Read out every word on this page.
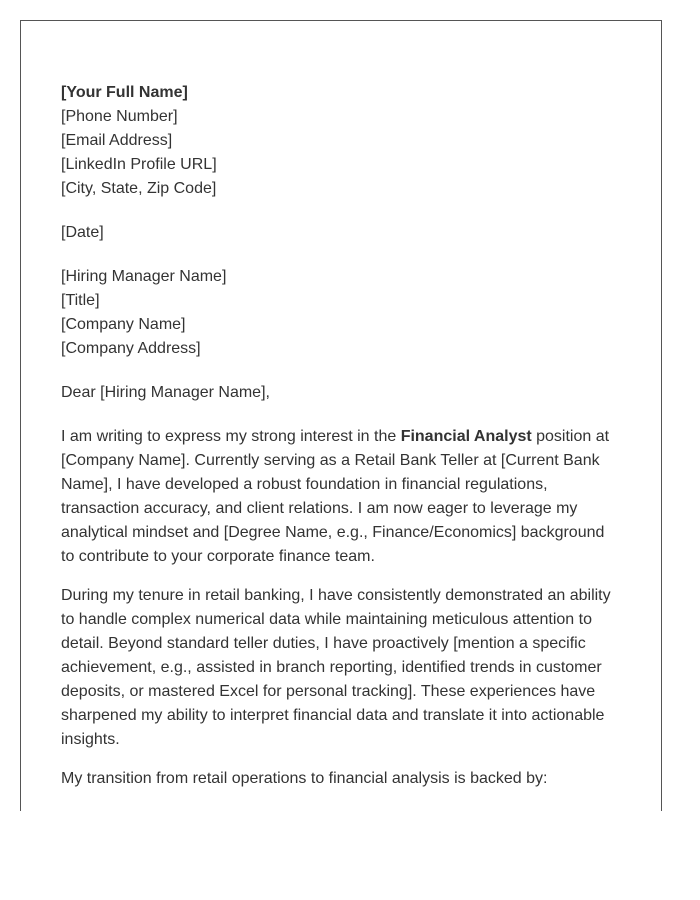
[Your Full Name]
[Phone Number]
[Email Address]
[LinkedIn Profile URL]
[City, State, Zip Code]
[Date]
[Hiring Manager Name]
[Title]
[Company Name]
[Company Address]
Dear [Hiring Manager Name],

I am writing to express my strong interest in the Financial Analyst position at [Company Name]. Currently serving as a Retail Bank Teller at [Current Bank Name], I have developed a robust foundation in financial regulations, transaction accuracy, and client relations. I am now eager to leverage my analytical mindset and [Degree Name, e.g., Finance/Economics] background to contribute to your corporate finance team.

During my tenure in retail banking, I have consistently demonstrated an ability to handle complex numerical data while maintaining meticulous attention to detail. Beyond standard teller duties, I have proactively [mention a specific achievement, e.g., assisted in branch reporting, identified trends in customer deposits, or mastered Excel for personal tracking]. These experiences have sharpened my ability to interpret financial data and translate it into actionable insights.

My transition from retail operations to financial analysis is backed by:
